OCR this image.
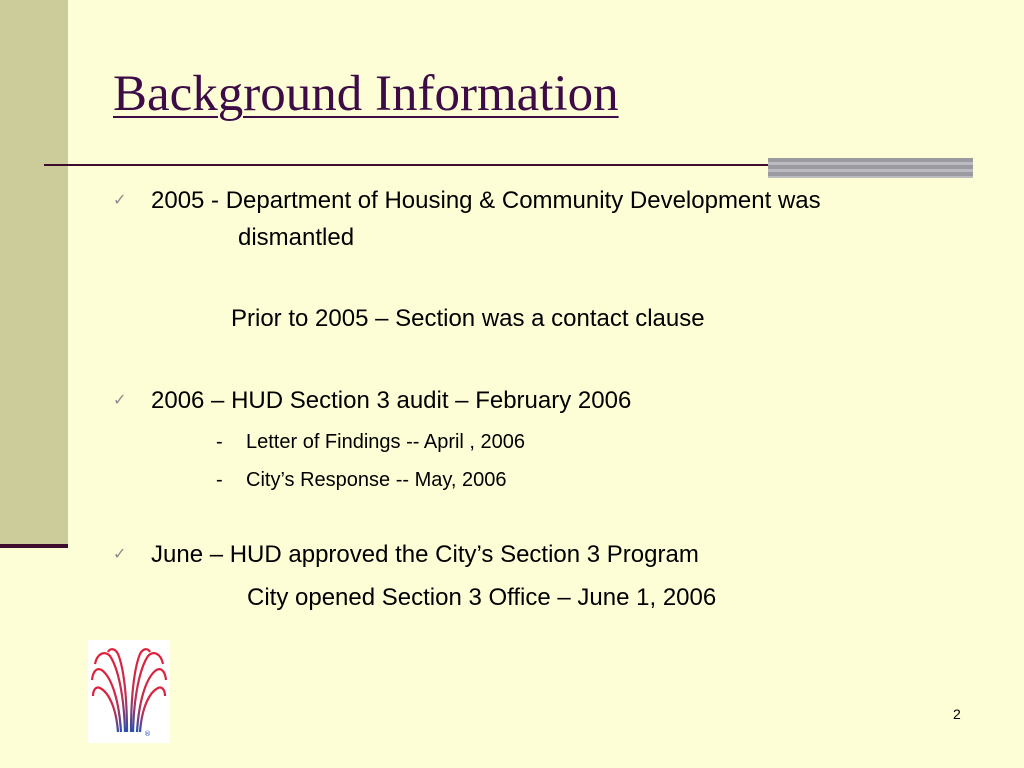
Background Information
✓ 2005 - Department of Housing & Community Development was
dismantled
Prior to 2005 – Section was a contact clause
✓ 2006 – HUD Section 3 audit – February 2006
- Letter of Findings -- April , 2006
- City’s Response -- May, 2006
✓ June – HUD approved the City’s Section 3 Program
City opened Section 3 Office – June 1, 2006
®
2
